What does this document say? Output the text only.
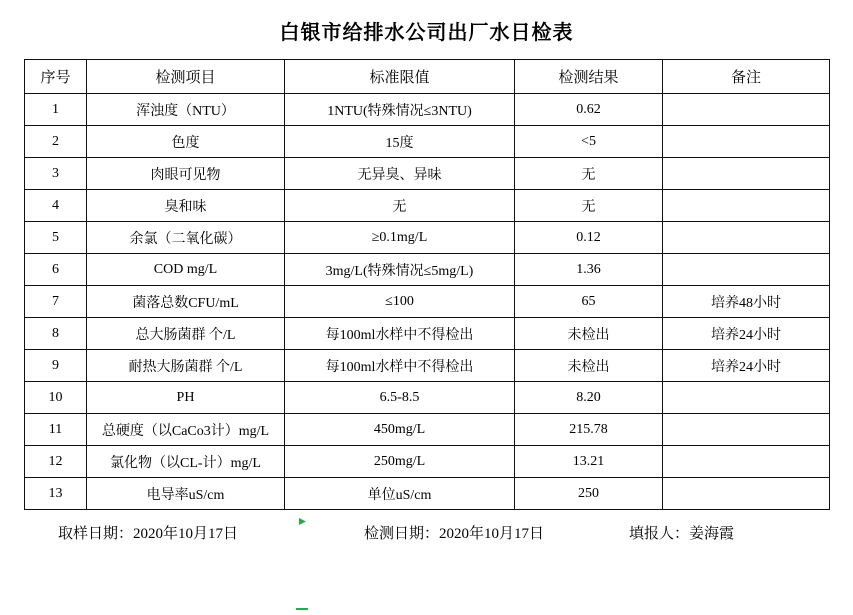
白银市给排水公司出厂水日检表
序号	检测项目	标准限值	检测结果	备注
1	浑浊度（NTU）	1NTU(特殊情况≤3NTU)	0.62	
2	色度	15度	<5	
3	肉眼可见物	无异臭、异味	无	
4	臭和味	无	无	
5	余氯（二氧化碳）	≥0.1mg/L	0.12	
6	COD mg/L	3mg/L(特殊情况≤5mg/L)	1.36	
7	菌落总数CFU/mL	≤100	65	培养48小时
8	总大肠菌群 个/L	每100ml水样中不得检出	未检出	培养24小时
9	耐热大肠菌群 个/L	每100ml水样中不得检出	未检出	培养24小时
10	PH	6.5-8.5	8.20	
11	总硬度（以CaCo3计）mg/L	450mg/L	215.78	
12	氯化物（以CL-计）mg/L	250mg/L	13.21	
13	电导率uS/cm	单位uS/cm	250	
取样日期：2020年10月17日	检测日期：2020年10月17日	填报人：姜海霞
